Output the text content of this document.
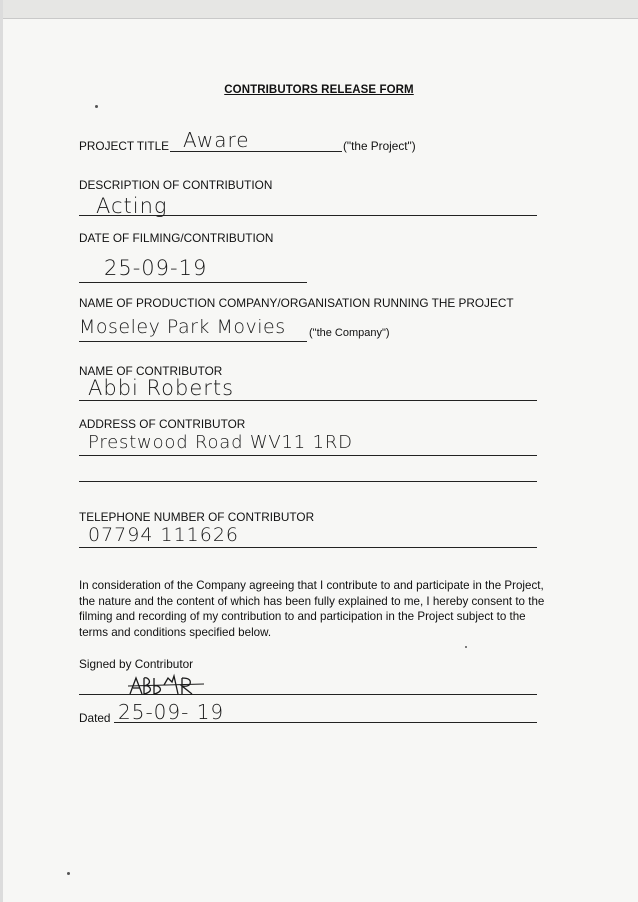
CONTRIBUTORS RELEASE FORM
PROJECT TITLE Aware	("the Project")
DESCRIPTION OF CONTRIBUTION
Acting
DATE OF FILMING/CONTRIBUTION
25-09-19
NAME OF PRODUCTION COMPANY/ORGANISATION RUNNING THE PROJECT
Moseley Park Movies ("the Company")
NAME OF CONTRIBUTOR
Abbi Roberts
ADDRESS OF CONTRIBUTOR
Prestwood Road WV11 1RD
TELEPHONE NUMBER OF CONTRIBUTOR
07794 111626
In consideration of the Company agreeing that I contribute to and participate in the Project, the nature and the content of which has been fully explained to me, I hereby consent to the filming and recording of my contribution to and participation in the Project subject to the terms and conditions specified below.
Signed by Contributor
Dated 25-09- 19
